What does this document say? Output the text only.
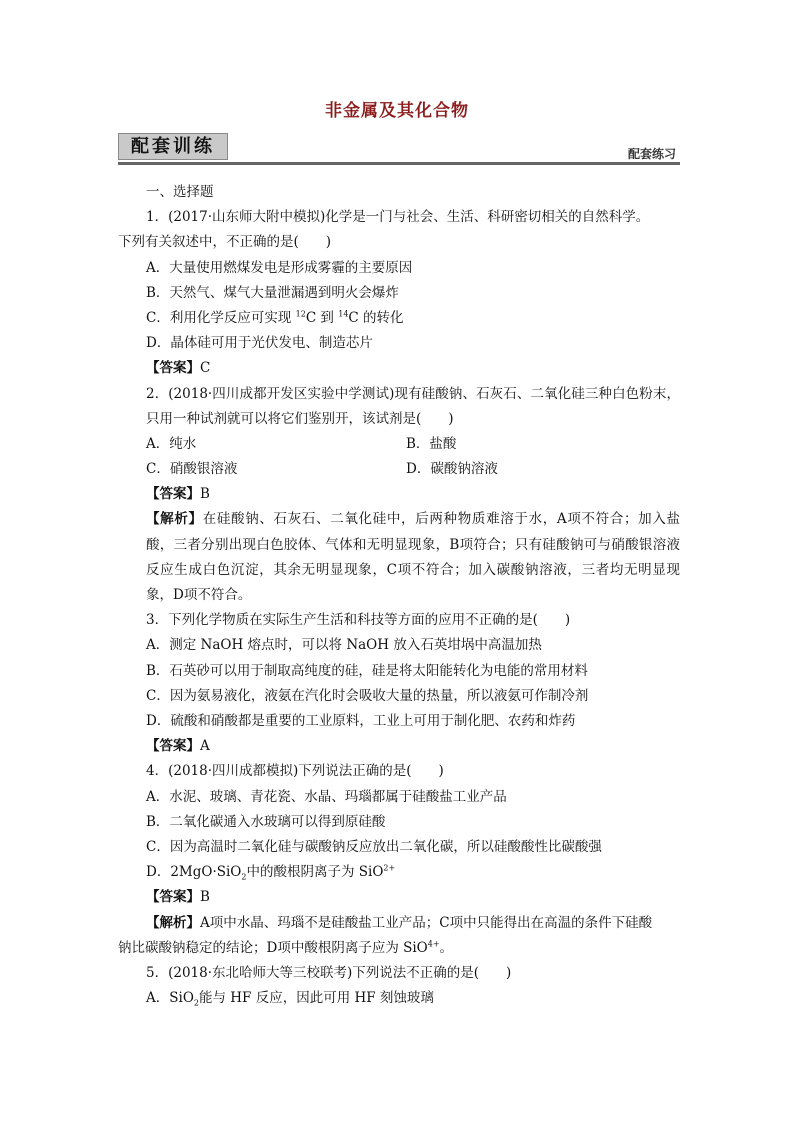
非金属及其化合物
配套训练	配套练习
一、选择题
1．(2017·山东师大附中模拟)化学是一门与社会、生活、科研密切相关的自然科学。
下列有关叙述中，不正确的是(　　)
A．大量使用燃煤发电是形成雾霾的主要原因
B．天然气、煤气大量泄漏遇到明火会爆炸
C．利用化学反应可实现 $^{12}$C 到 $^{14}$C 的转化
D．晶体硅可用于光伏发电、制造芯片
【 答案 】 C
2．(2018·四川成都开发区实验中学测试)现有硅酸钠、石灰石、二氧化硅三种白色粉末，只用一种试剂就可以将它们鉴别开，该试剂是(　　)
A．纯水	B．盐酸
C．硝酸银溶液	D．碳酸钠溶液
【 答案 】 B
【 解析 】 在硅酸钠、石灰石、二氧化硅中，后两种物质难溶于水，A项不符合；加入盐酸，三者分别出现白色胶体、气体和无明显现象，B项符合；只有硅酸钠可与硝酸银溶液反应生成白色沉淀，其余无明显现象，C项不符合；加入碳酸钠溶液，三者均无明显现象，D项不符合。
3．下列化学物质在实际生产生活和科技等方面的应用不正确的是(　　)
A．测定 NaOH 熔点时，可以将 NaOH 放入石英坩埚中高温加热
B．石英砂可以用于制取高纯度的硅，硅是将太阳能转化为电能的常用材料
C．因为氨易液化，液氨在汽化时会吸收大量的热量，所以液氨可作制冷剂
D．硫酸和硝酸都是重要的工业原料，工业上可用于制化肥、农药和炸药
【 答案 】 A
4．(2018·四川成都模拟)下列说法正确的是(　　)
A．水泥、玻璃、青花瓷、水晶、玛瑙都属于硅酸盐工业产品
B．二氧化碳通入水玻璃可以得到原硅酸
C．因为高温时二氧化硅与碳酸钠反应放出二氧化碳，所以硅酸酸性比碳酸强
D．2MgO·SiO$_2$中的酸根阴离子为 SiO$^{2+}$
【 答案 】 B
【 解析 】 A项中水晶、玛瑙不是硅酸盐工业产品；C项中只能得出在高温的条件下硅酸
钠比碳酸钠稳定的结论；D项中酸根阴离子应为 SiO$^{4+}$。
5．(2018·东北哈师大等三校联考)下列说法不正确的是(　　)
A．SiO$_2$能与 HF 反应，因此可用 HF 刻蚀玻璃
